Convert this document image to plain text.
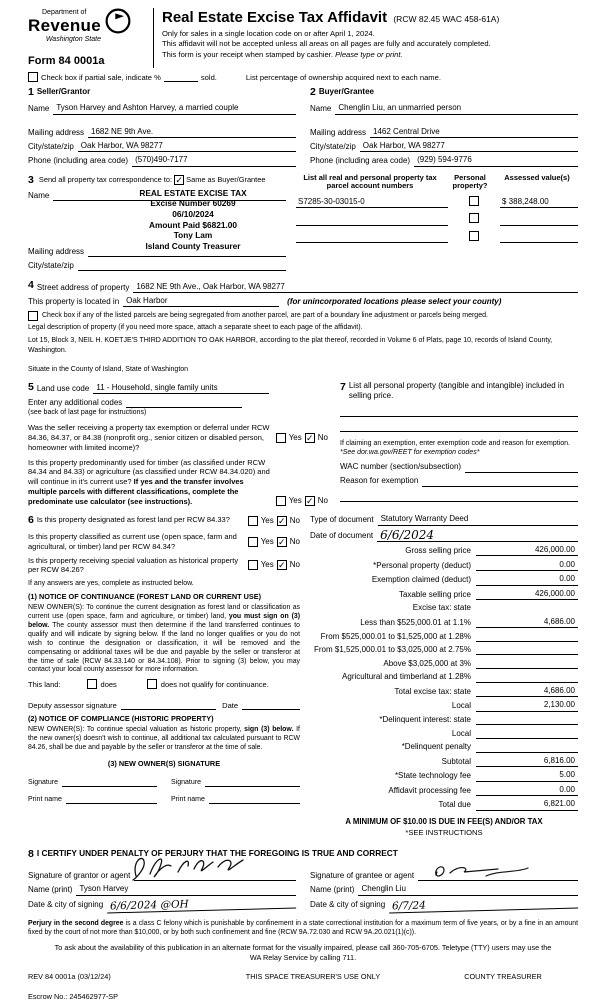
Department of
Revenue
Washington State
Form 84 0001a
Real Estate Excise Tax Affidavit (RCW 82.45 WAC 458-61A)
Only for sales in a single location code on or after April 1, 2024.
This affidavit will not be accepted unless all areas on all pages are fully and accurately completed.
This form is your receipt when stamped by cashier. Please type or print.
Check box if partial sale, indicate %	sold.	List percentage of ownership acquired next to each name.
1 Seller/Grantor
Name Tyson Harvey and Ashton Harvey, a married couple
Mailing address 1682 NE 9th Ave.
City/state/zip Oak Harbor, WA 98277
Phone (including area code) (570)490-7177
2 Buyer/Grantee
Name Chenglin Liu, an unmarried person
Mailing address 1462 Central Drive
City/state/zip Oak Harbor, WA 98277
Phone (including area code) (929) 594-9776
3 Send all property tax correspondence to: ✓ Same as Buyer/Grantee
Name	REAL ESTATE EXCISE TAX
Excise Number 60269
06/10/2024
Amount Paid $6821.00
Tony Lam
Island County Treasurer
Mailing address
City/state/zip
List all real and personal property tax parcel account numbers
Personal property?
Assessed value(s)
S7285-30-03015-0	$ 388,248.00
4 Street address of property 1682 NE 9th Ave., Oak Harbor, WA 98277
This property is located in Oak Harbor	(for unincorporated locations please select your county)
Check box if any of the listed parcels are being segregated from another parcel, are part of a boundary line adjustment or parcels being merged.
Legal description of property (if you need more space, attach a separate sheet to each page of the affidavit).
Lot 15, Block 3, NEIL H. KOETJE'S THIRD ADDITION TO OAK HARBOR, according to the plat thereof, recorded in Volume 6 of Plats, page 10, records of Island County, Washington.
Situate in the County of Island, State of Washington
5 Land use code 11 - Household, single family units
Enter any additional codes
(see back of last page for instructions)
Was the seller receiving a property tax exemption or deferral under RCW 84.36, 84.37, or 84.38 (nonprofit org., senior citizen or disabled person, homeowner with limited income)?
Yes ✓ No
Is this property predominantly used for timber (as classified under RCW 84.34 and 84.33) or agriculture (as classified under RCW 84.34.020) and will continue in it's current use? If yes and the transfer involves multiple parcels with different classifications, complete the predominate use calculator (see instructions).	Yes ✓ No
7 List all personal property (tangible and intangible) included in selling price.
If claiming an exemption, enter exemption code and reason for exemption. *See dor.wa.gov/REET for exemption codes*
WAC number (section/subsection)
Reason for exemption
6 Is this property designated as forest land per RCW 84.33?	Yes ✓ No
Is this property classified as current use (open space, farm and agricultural, or timber) land per RCW 84.34?
Yes ✓ No
Is this property receiving special valuation as historical property per RCW 84.26?
Yes ✓ No
If any answers are yes, complete as instructed below.
(1) NOTICE OF CONTINUANCE (FOREST LAND OR CURRENT USE)
NEW OWNER(S): To continue the current designation as forest land or classification as current use (open space, farm and agriculture, or timber) land, you must sign on (3) below. The county assessor must then determine if the land transferred continues to qualify and will indicate by signing below. If the land no longer qualifies or you do not wish to continue the designation or classification, it will be removed and the compensating or additional taxes will be due and payable by the seller or transferor at the time of sale (RCW 84.33.140 or 84.34.108). Prior to signing (3) below, you may contact your local county assessor for more information.
This land:	does	does not qualify for continuance.
Deputy assessor signature	Date
(2) NOTICE OF COMPLIANCE (HISTORIC PROPERTY)
NEW OWNER(S): To continue special valuation as historic property, sign (3) below. If the new owner(s) doesn't wish to continue, all additional tax calculated pursuant to RCW 84.26, shall be due and payable by the seller or transferor at the time of sale.
(3) NEW OWNER(S) SIGNATURE
Signature	Signature
Print name	Print name
Type of document Statutory Warranty Deed
Date of document 6/6/2024
Gross selling price	426,000.00
*Personal property (deduct)	0.00
Exemption claimed (deduct)	0.00
Taxable selling price	426,000.00
Excise tax: state
Less than $525,000.01 at 1.1%	4,686.00
From $525,000.01 to $1,525,000 at 1.28%
From $1,525,000.01 to $3,025,000 at 2.75%
Above $3,025,000 at 3%
Agricultural and timberland at 1.28%
Total excise tax: state	4,686.00
Local	2,130.00
*Delinquent interest: state
Local
*Delinquent penalty
Subtotal	6,816.00
*State technology fee	5.00
Affidavit processing fee	0.00
Total due	6,821.00
A MINIMUM OF $10.00 IS DUE IN FEE(S) AND/OR TAX
*SEE INSTRUCTIONS
8 I CERTIFY UNDER PENALTY OF PERJURY THAT THE FOREGOING IS TRUE AND CORRECT
Signature of grantor or agent
Name (print) Tyson Harvey
Date & city of signing 6/6/2024 @OH
Signature of grantee or agent
Name (print) Chenglin Liu
Date & city of signing 6/7/24
Perjury in the second degree is a class C felony which is punishable by confinement in a state correctional institution for a maximum term of five years, or by a fine in an amount fixed by the court of not more than $10,000, or by both such confinement and fine (RCW 9A.72.030 and RCW 9A.20.021(1)(c)).
To ask about the availability of this publication in an alternate format for the visually impaired, please call 360-705-6705. Teletype (TTY) users may use the WA Relay Service by calling 711.
REV 84 0001a (03/12/24)	THIS SPACE TREASURER'S USE ONLY	COUNTY TREASURER
Escrow No.: 245462977-SP
